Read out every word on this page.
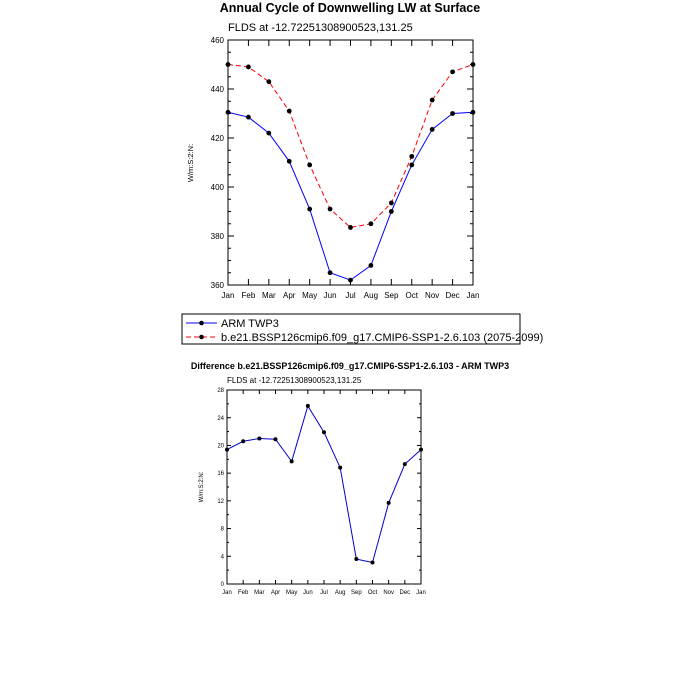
Annual Cycle of Downwelling LW at Surface
FLDS at -12.72251308900523,131.25
W/m:S:2:N:
Jan Feb Mar Apr May Jun Jul Aug Sep Oct Nov Dec Jan
360
380
400
420
440
460
ARM TWP3
b.e21.BSSP126cmip6.f09_g17.CMIP6-SSP1-2.6.103 (2075-2099)
Difference b.e21.BSSP126cmip6.f09_g17.CMIP6-SSP1-2.6.103 - ARM TWP3
FLDS at -12.72251308900523,131.25
W/m:S:2:N:
Jan Feb Mar Apr May Jun Jul Aug Sep Oct Nov Dec Jan
0
4
8
12
16
20
24
28
